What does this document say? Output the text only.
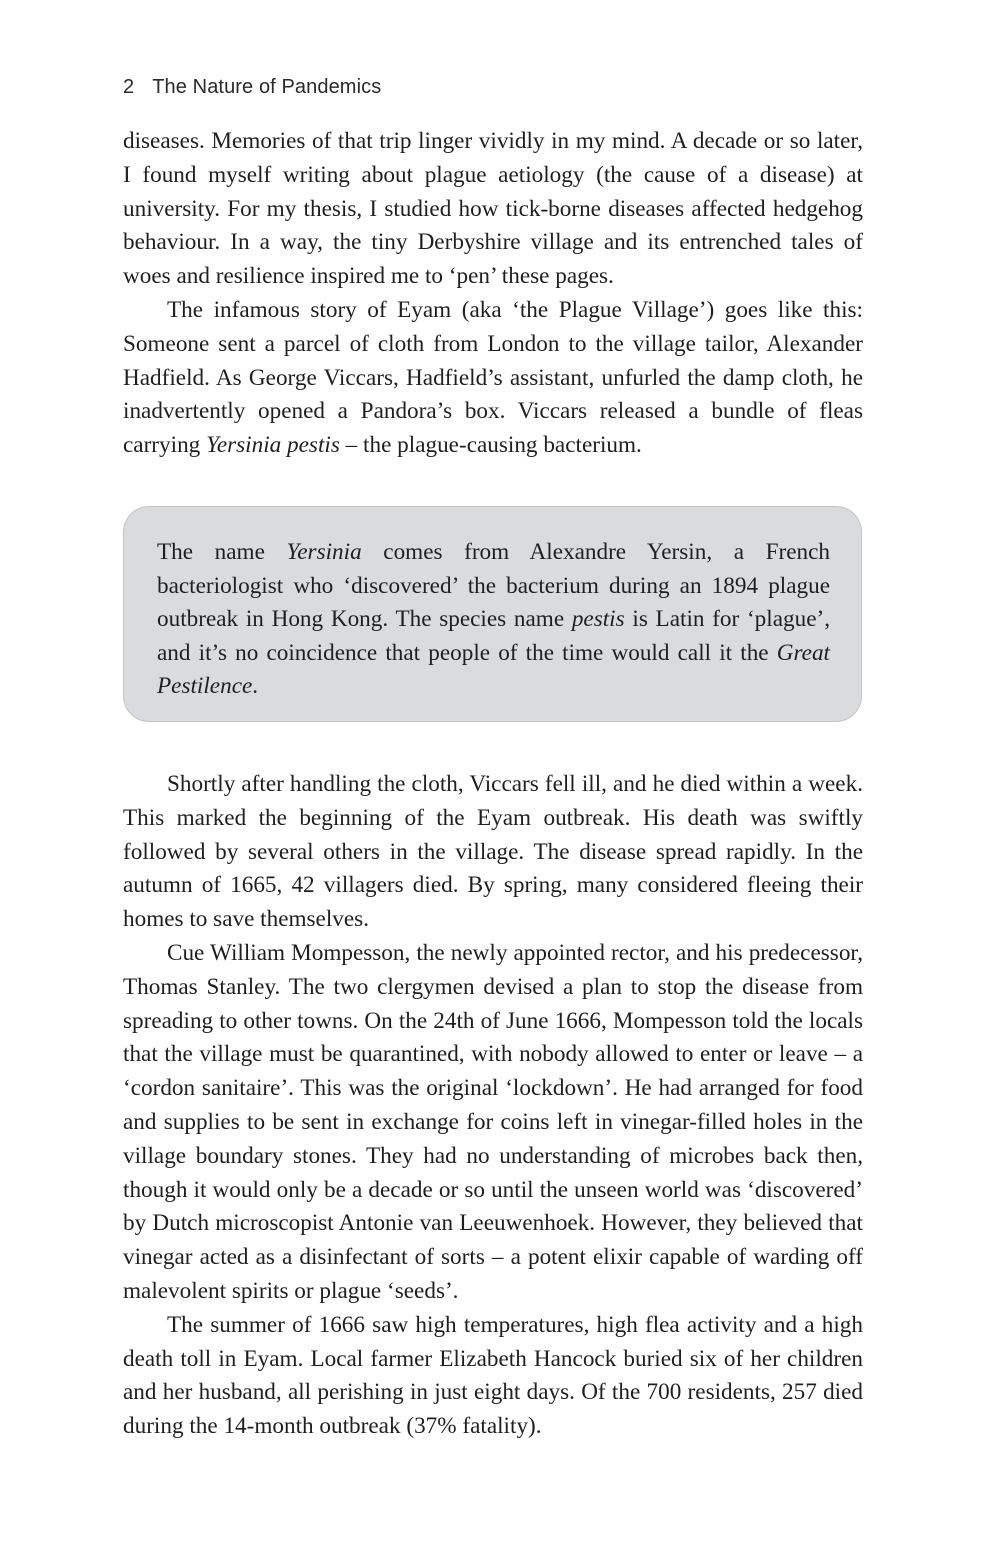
2 The Nature of Pandemics

diseases. Memories of that trip linger vividly in my mind. A decade or so later, I found myself writing about plague aetiology (the cause of a disease) at university. For my thesis, I studied how tick-borne diseases affected hedgehog behaviour. In a way, the tiny Derbyshire village and its entrenched tales of woes and resilience inspired me to ‘pen’ these pages.

The infamous story of Eyam (aka ‘the Plague Village’) goes like this: Someone sent a parcel of cloth from London to the village tailor, Alexander Hadfield. As George Viccars, Hadfield’s assistant, unfurled the damp cloth, he inadvertently opened a Pandora’s box. Viccars released a bundle of fleas carrying Yersinia pestis – the plague-causing bacterium.

The name Yersinia comes from Alexandre Yersin, a French bacteriologist who ‘discovered’ the bacterium during an 1894 plague outbreak in Hong Kong. The species name pestis is Latin for ‘plague’, and it’s no coincidence that people of the time would call it the Great Pestilence.

Shortly after handling the cloth, Viccars fell ill, and he died within a week. This marked the beginning of the Eyam outbreak. His death was swiftly followed by several others in the village. The disease spread rapidly. In the autumn of 1665, 42 villagers died. By spring, many considered fleeing their homes to save themselves.

Cue William Mompesson, the newly appointed rector, and his predecessor, Thomas Stanley. The two clergymen devised a plan to stop the disease from spreading to other towns. On the 24th of June 1666, Mompesson told the locals that the village must be quarantined, with nobody allowed to enter or leave – a ‘cordon sanitaire’. This was the original ‘lockdown’. He had arranged for food and supplies to be sent in exchange for coins left in vinegar-filled holes in the village boundary stones. They had no understanding of microbes back then, though it would only be a decade or so until the unseen world was ‘discovered’ by Dutch microscopist Antonie van Leeuwenhoek. However, they believed that vinegar acted as a disinfectant of sorts – a potent elixir capable of warding off malevolent spirits or plague ‘seeds’.

The summer of 1666 saw high temperatures, high flea activity and a high death toll in Eyam. Local farmer Elizabeth Hancock buried six of her children and her husband, all perishing in just eight days. Of the 700 residents, 257 died during the 14-month outbreak (37% fatality).
